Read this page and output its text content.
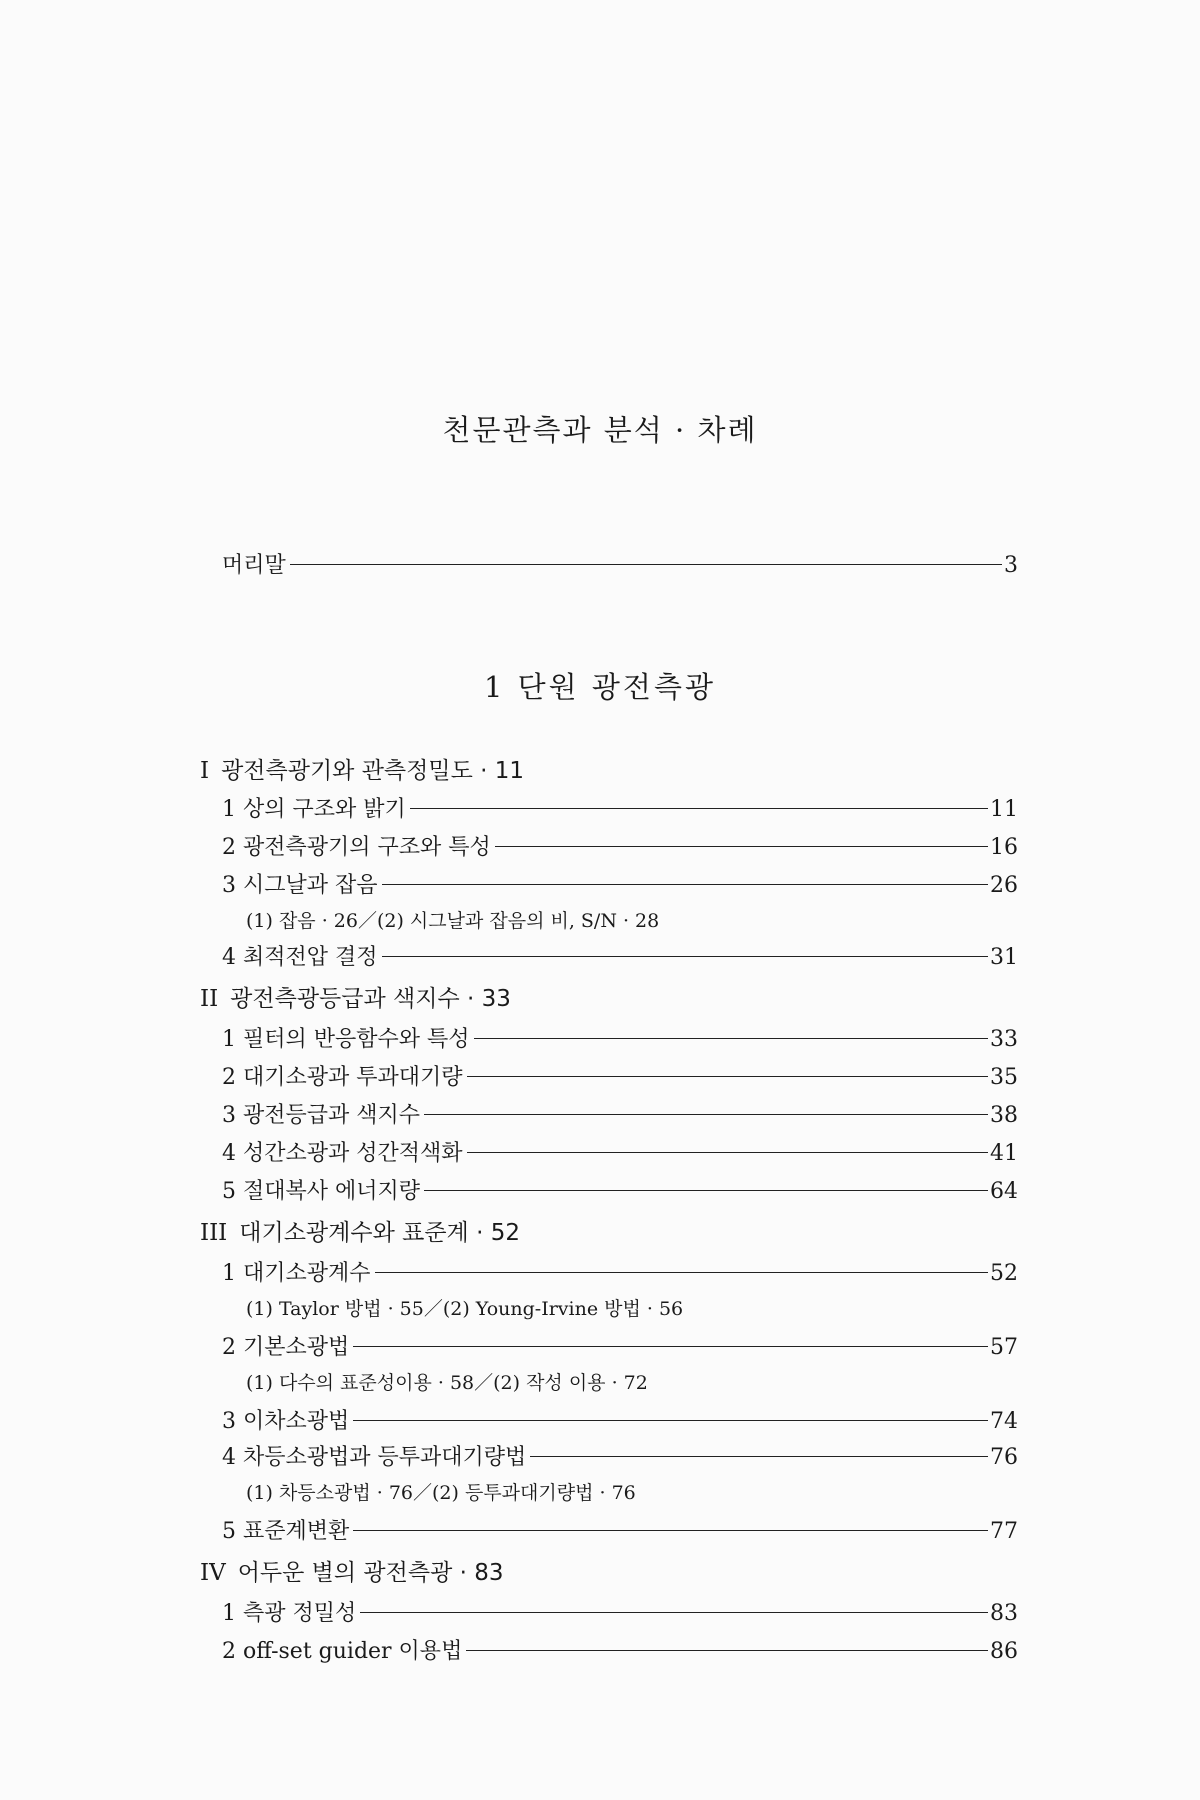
천문관측과 분석 · 차례
머리말	3
1 단원 광전측광
I 광전측광기와 관측정밀도 · 11
1 상의 구조와 밝기	11
2 광전측광기의 구조와 특성	16
3 시그날과 잡음	26
(1) 잡음 · 26／(2) 시그날과 잡음의 비, S/N · 28
4 최적전압 결정	31
II 광전측광등급과 색지수 · 33
1 필터의 반응함수와 특성	33
2 대기소광과 투과대기량	35
3 광전등급과 색지수	38
4 성간소광과 성간적색화	41
5 절대복사 에너지량	64
III 대기소광계수와 표준계 · 52
1 대기소광계수	52
(1) Taylor 방법 · 55／(2) Young-Irvine 방법 · 56
2 기본소광법	57
(1) 다수의 표준성이용 · 58／(2) 작성 이용 · 72
3 이차소광법	74
4 차등소광법과 등투과대기량법	76
(1) 차등소광법 · 76／(2) 등투과대기량법 · 76
5 표준계변환	77
IV 어두운 별의 광전측광 · 83
1 측광 정밀성	83
2 off-set guider 이용법	86
